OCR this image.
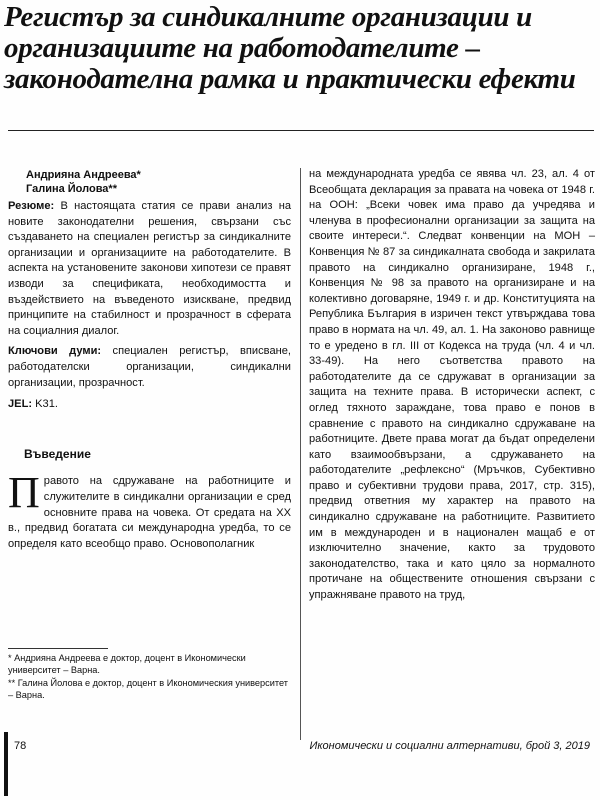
Регистър за синдикалните организации и организациите на работодателите – законодателна рамка и практически ефекти
Андрияна Андреева*
Галина Йолова**

Резюме: В настоящата статия се прави анализ на новите законодателни решения, свързани със създаването на специален регистър за синдикалните организации и организациите на работодателите. В аспекта на установените законови хипотези се правят изводи за спецификата, необходимостта и въздействието на въведеното изискване, предвид принципите на стабилност и прозрачност в сферата на социалния диалог.

Ключови думи: специален регистър, вписване, работодателски организации, синдикални организации, прозрачност.

JEL: K31.

Въведение

Правото на сдружаване на работниците и служителите в синдикални организации е сред основните права на човека. От средата на ХХ в., предвид богатата си международна уредба, то се определя като всеобщо право. Основополагник

на международната уредба се явява чл. 23, ал. 4 от Всеобщата декларация за правата на човека от 1948 г. на ООН: „Всеки човек има право да учредява и членува в професионални организации за защита на своите интереси.“. Следват конвенции на МОН – Конвенция № 87 за синдикалната свобода и закрилата правото на синдикално организиране, 1948 г., Конвенция № 98 за правото на организиране и на колективно договаряне, 1949 г. и др. Конституцията на Република България в изричен текст утвърждава това право в нормата на чл. 49, ал. 1. На законово равнище то е уредено в гл. III от Кодекса на труда (чл. 4 и чл. 33-49). На него съответства правото на работодателите да се сдружават в организации за защита на техните права. В исторически аспект, с оглед тяхното зараждане, това право е понов в сравнение с правото на синдикално сдружаване на работниците. Двете права могат да бъдат определени като взаимообвързани, а сдружаването на работодателите „рефлексно“ (Мръчков, Субективно право и субективни трудови права, 2017, стр. 315), предвид ответния му характер на правото на синдикално сдружаване на работниците. Развитието им в международен и в национален мащаб е от изключително значение, както за трудовото законодателство, така и като цяло за нормалното протичане на обществените отношения свързани с упражняване правото на труд,

* Андрияна Андреева е доктор, доцент в Икономически университет – Варна.

** Галина Йолова е доктор, доцент в Икономическия университет – Варна.

78	Икономически и социални алтернативи, брой 3, 2019
